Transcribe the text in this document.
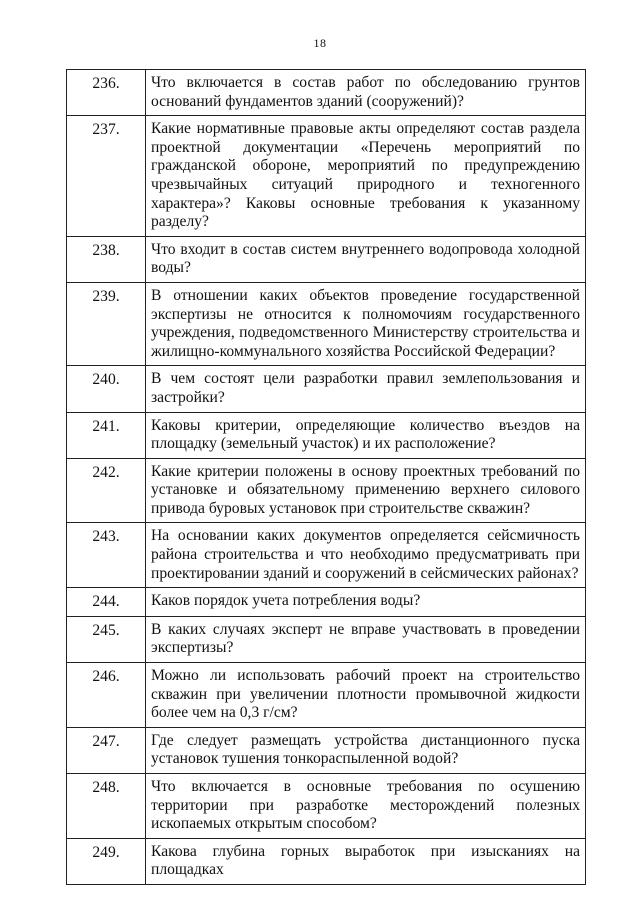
18
236.	Что включается в состав работ по обследованию грунтов оснований фундаментов зданий (сооружений)?
237.	Какие нормативные правовые акты определяют состав раздела проектной документации «Перечень мероприятий по гражданской обороне, мероприятий по предупреждению чрезвычайных ситуаций природного и техногенного характера»? Каковы основные требования к указанному разделу?
238.	Что входит в состав систем внутреннего водопровода холодной воды?
239.	В отношении каких объектов проведение государственной экспертизы не относится к полномочиям государственного учреждения, подведомственного Министерству строительства и жилищно-коммунального хозяйства Российской Федерации?
240.	В чем состоят цели разработки правил землепользования и застройки?
241.	Каковы критерии, определяющие количество въездов на площадку (земельный участок) и их расположение?
242.	Какие критерии положены в основу проектных требований по установке и обязательному применению верхнего силового привода буровых установок при строительстве скважин?
243.	На основании каких документов определяется сейсмичность района строительства и что необходимо предусматривать при проектировании зданий и сооружений в сейсмических районах?
244.	Каков порядок учета потребления воды?
245.	В каких случаях эксперт не вправе участвовать в проведении экспертизы?
246.	Можно ли использовать рабочий проект на строительство скважин при увеличении плотности промывочной жидкости более чем на 0,3 г/см?
247.	Где следует размещать устройства дистанционного пуска установок тушения тонкораспыленной водой?
248.	Что включается в основные требования по осушению территории при разработке месторождений полезных ископаемых открытым способом?
249.	Какова глубина горных выработок при изысканиях на площадках
